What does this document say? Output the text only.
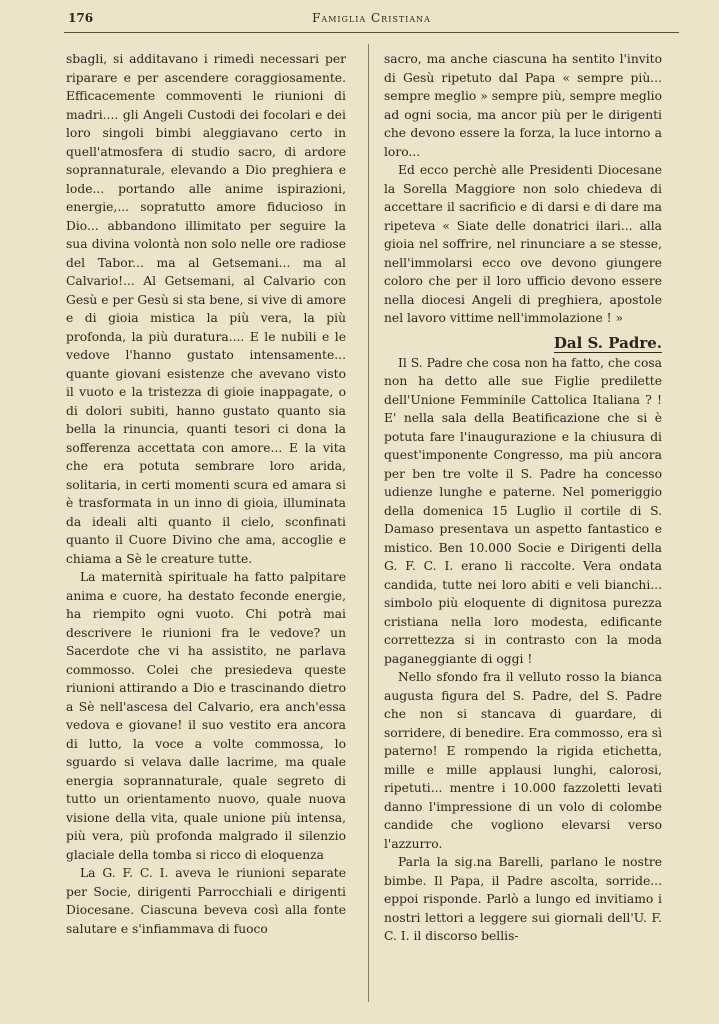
176	Famiglia Cristiana

sbagli, si additavano i rimedi necessari per riparare e per ascendere coraggiosamente. Efficacemente commoventi le riunioni di madri.... gli Angeli Custodi dei focolari e dei loro singoli bimbi aleggiavano certo in quell'atmosfera di studio sacro, di ardore soprannaturale, elevando a Dio preghiera e lode... portando alle anime ispirazioni, energie,... sopratutto amore fiducioso in Dio... abbandono illimitato per seguire la sua divina volontà non solo nelle ore radiose del Tabor... ma al Getsemani... ma al Calvario!... Al Getsemani, al Calvario con Gesù e per Gesù si sta bene, si vive di amore e di gioia mistica la più vera, la più profonda, la più duratura.... E le nubili e le vedove l'hanno gustato intensamente... quante giovani esistenze che avevano visto il vuoto e la tristezza di gioie inappagate, o di dolori subiti, hanno gustato quanto sia bella la rinuncia, quanti tesori ci dona la sofferenza accettata con amore... E la vita che era potuta sembrare loro arida, solitaria, in certi momenti scura ed amara si è trasformata in un inno di gioia, illuminata da ideali alti quanto il cielo, sconfinati quanto il Cuore Divino che ama, accoglie e chiama a Sè le creature tutte.

La maternità spirituale ha fatto palpitare anima e cuore, ha destato feconde energie, ha riempito ogni vuoto. Chi potrà mai descrivere le riunioni fra le vedove? un Sacerdote che vi ha assistito, ne parlava commosso. Colei che presiedeva queste riunioni attirando a Dio e trascinando dietro a Sè nell'ascesa del Calvario, era anch'essa vedova e giovane! il suo vestito era ancora di lutto, la voce a volte commossa, lo sguardo si velava dalle lacrime, ma quale energia soprannaturale, quale segreto di tutto un orientamento nuovo, quale nuova visione della vita, quale unione più intensa, più vera, più profonda malgrado il silenzio glaciale della tomba si ricco di eloquenza

La G. F. C. I. aveva le riunioni separate per Socie, dirigenti Parrocchiali e dirigenti Diocesane. Ciascuna beveva così alla fonte salutare e s'infiammava di fuoco

sacro, ma anche ciascuna ha sentito l'invito di Gesù ripetuto dal Papa « sempre più... sempre meglio » sempre più, sempre meglio ad ogni socia, ma ancor più per le dirigenti che devono essere la forza, la luce intorno a loro...

Ed ecco perchè alle Presidenti Diocesane la Sorella Maggiore non solo chiedeva di accettare il sacrificio e di darsi e di dare ma ripeteva « Siate delle donatrici ilari... alla gioia nel soffrire, nel rinunciare a se stesse, nell'immolarsi ecco ove devono giungere coloro che per il loro ufficio devono essere nella diocesi Angeli di preghiera, apostole nel lavoro vittime nell'immolazione ! »

Dal S. Padre.

Il S. Padre che cosa non ha fatto, che cosa non ha detto alle sue Figlie predilette dell'Unione Femminile Cattolica Italiana ? ! E' nella sala della Beatificazione che si è potuta fare l'inaugurazione e la chiusura di quest'imponente Congresso, ma più ancora per ben tre volte il S. Padre ha concesso udienze lunghe e paterne. Nel pomeriggio della domenica 15 Luglio il cortile di S. Damaso presentava un aspetto fantastico e mistico. Ben 10.000 Socie e Dirigenti della G. F. C. I. erano li raccolte. Vera ondata candida, tutte nei loro abiti e veli bianchi... simbolo più eloquente di dignitosa purezza cristiana nella loro modesta, edificante correttezza si in contrasto con la moda paganeggiante di oggi !

Nello sfondo fra il velluto rosso la bianca augusta figura del S. Padre, del S. Padre che non si stancava di guardare, di sorridere, di benedire. Era commosso, era sì paterno! E rompendo la rigida etichetta, mille e mille applausi lunghi, calorosi, ripetuti... mentre i 10.000 fazzoletti levati danno l'impressione di un volo di colombe candide che vogliono elevarsi verso l'azzurro.

Parla la sig.na Barelli, parlano le nostre bimbe. Il Papa, il Padre ascolta, sorride... eppoi risponde. Parlò a lungo ed invitiamo i nostri lettori a leggere sui giornali dell'U. F. C. I. il discorso bellis-
